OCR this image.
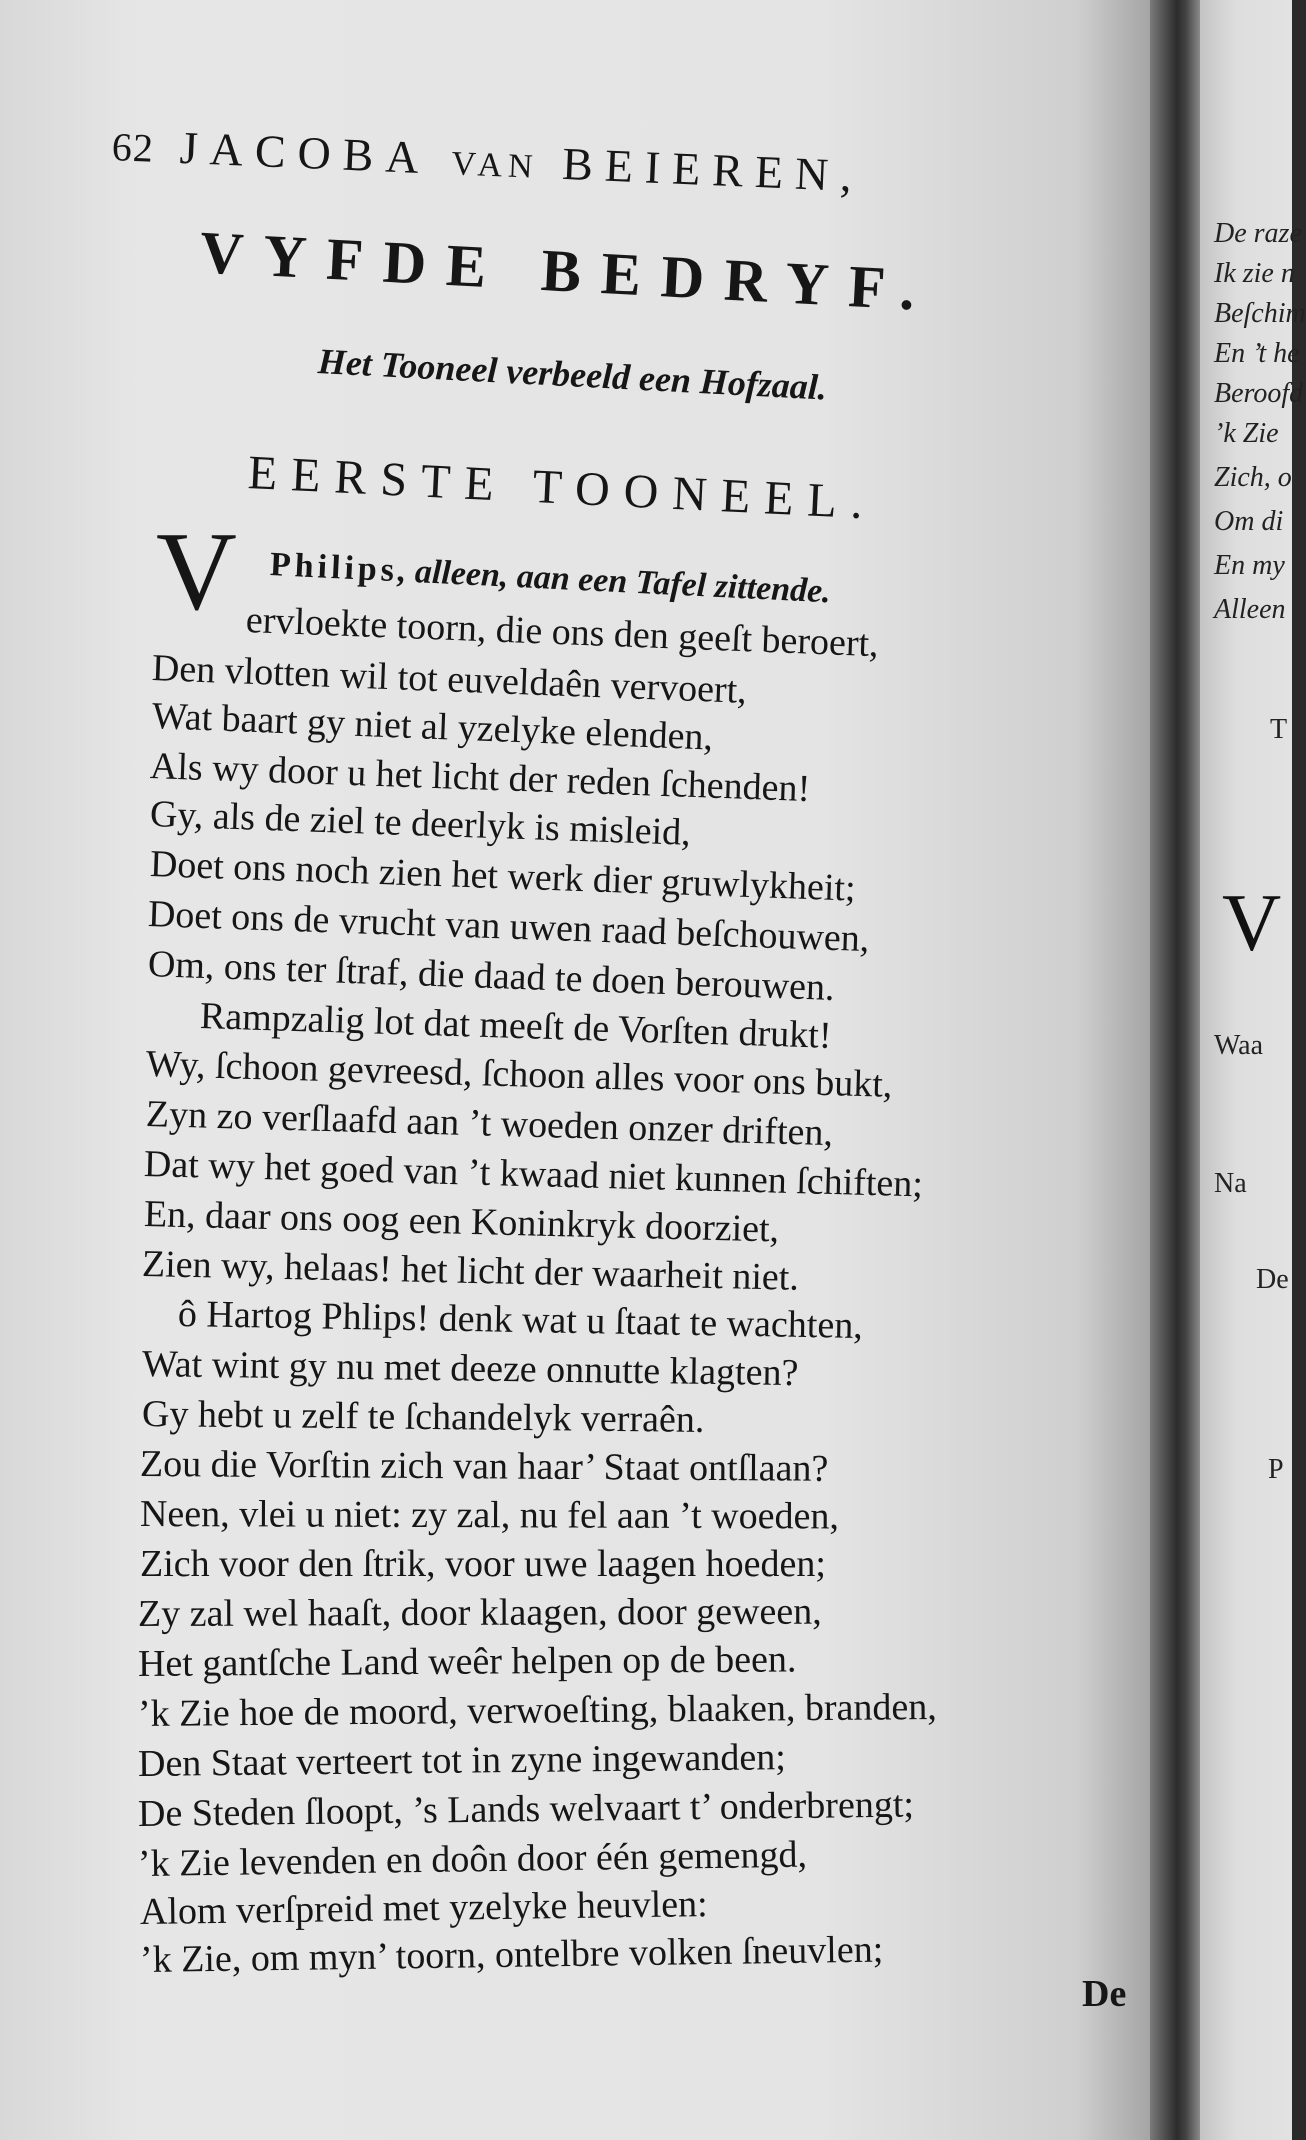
De raze
Ik zie n
Beſchim
En ’t he
Beroofd
’k Zie
Zich, o
Om di
En my
Alleen
T
V
Waa
Na
De
P
62 JACOBA VAN BEIEREN,
VYFDE BEDRYF.
Het Tooneel verbeeld een Hofzaal.
EERSTE TOONEEL.
V Philips, alleen, aan een Tafel zittende.
ervloekte toorn, die ons den geeſt beroert,
Den vlotten wil tot euveldaên vervoert,
Wat baart gy niet al yzelyke elenden,
Als wy door u het licht der reden ſchenden!
Gy, als de ziel te deerlyk is misleid,
Doet ons noch zien het werk dier gruwlykheit;
Doet ons de vrucht van uwen raad beſchouwen,
Om, ons ter ſtraf, die daad te doen berouwen.
Rampzalig lot dat meeſt de Vorſten drukt!
Wy, ſchoon gevreesd, ſchoon alles voor ons bukt,
Zyn zo verſlaafd aan ’t woeden onzer driften,
Dat wy het goed van ’t kwaad niet kunnen ſchiften;
En, daar ons oog een Koninkryk doorziet,
Zien wy, helaas! het licht der waarheit niet.
ô Hartog Phlips! denk wat u ſtaat te wachten,
Wat wint gy nu met deeze onnutte klagten?
Gy hebt u zelf te ſchandelyk verraên.
Zou die Vorſtin zich van haar’ Staat ontſlaan?
Neen, vlei u niet: zy zal, nu fel aan ’t woeden,
Zich voor den ſtrik, voor uwe laagen hoeden;
Zy zal wel haaſt, door klaagen, door geween,
Het gantſche Land weêr helpen op de been.
’k Zie hoe de moord, verwoeſting, blaaken, branden,
Den Staat verteert tot in zyne ingewanden;
De Steden ſloopt, ’s Lands welvaart t’ onderbrengt;
’k Zie levenden en doôn door één gemengd,
Alom verſpreid met yzelyke heuvlen:
’k Zie, om myn’ toorn, ontelbre volken ſneuvlen;
De
